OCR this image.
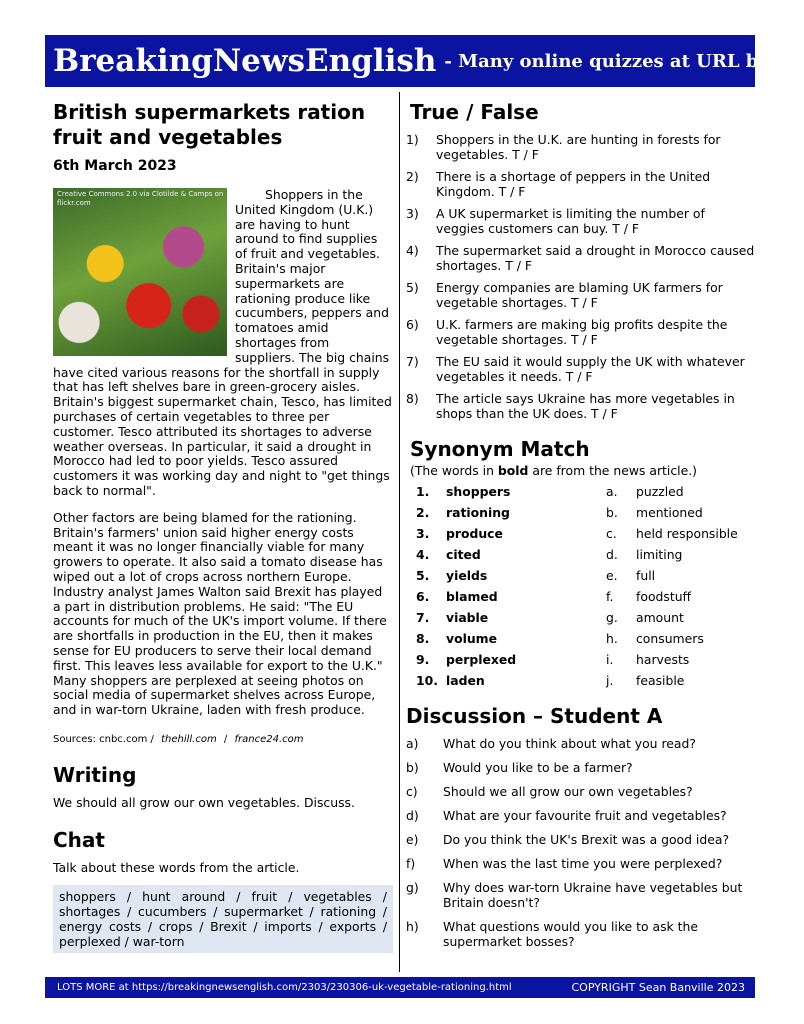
BreakingNewsEnglish - Many online quizzes at URL below
British supermarkets ration fruit and vegetables
6th March 2023
Creative Commons 2.0 via Clotilde & Camps on flickr.com

Shoppers in the United Kingdom (U.K.) are having to hunt around to find supplies of fruit and vegetables. Britain's major supermarkets are rationing produce like cucumbers, peppers and tomatoes amid shortages from suppliers. The big chains have cited various reasons for the shortfall in supply that has left shelves bare in green-grocery aisles. Britain's biggest supermarket chain, Tesco, has limited purchases of certain vegetables to three per customer. Tesco attributed its shortages to adverse weather overseas. In particular, it said a drought in Morocco had led to poor yields. Tesco assured customers it was working day and night to "get things back to normal".

Other factors are being blamed for the rationing. Britain's farmers' union said higher energy costs meant it was no longer financially viable for many growers to operate. It also said a tomato disease has wiped out a lot of crops across northern Europe. Industry analyst James Walton said Brexit has played a part in distribution problems. He said: "The EU accounts for much of the UK's import volume. If there are shortfalls in production in the EU, then it makes sense for EU producers to serve their local demand first. This leaves less available for export to the U.K." Many shoppers are perplexed at seeing photos on social media of supermarket shelves across Europe, and in war-torn Ukraine, laden with fresh produce.

Sources: cnbc.com / thehill.com / france24.com
Writing

We should all grow our own vegetables. Discuss.

Chat

Talk about these words from the article.

shoppers / hunt around / fruit / vegetables / shortages / cucumbers / supermarket / rationing / energy costs / crops / Brexit / imports / exports / perplexed / war-torn
True / False
1)	Shoppers in the U.K. are hunting in forests for vegetables. T / F
2)	There is a shortage of peppers in the United Kingdom. T / F
3)	A UK supermarket is limiting the number of veggies customers can buy. T / F
4)	The supermarket said a drought in Morocco caused shortages. T / F
5)	Energy companies are blaming UK farmers for vegetable shortages. T / F
6)	U.K. farmers are making big profits despite the vegetable shortages. T / F
7)	The EU said it would supply the UK with whatever vegetables it needs. T / F
8)	The article says Ukraine has more vegetables in shops than the UK does. T / F
Synonym Match
(The words in bold are from the news article.)
1.	shoppers	a.	puzzled
2.	rationing	b.	mentioned
3.	produce	c.	held responsible
4.	cited	d.	limiting
5.	yields	e.	full
6.	blamed	f.	foodstuff
7.	viable	g.	amount
8.	volume	h.	consumers
9.	perplexed	i.	harvests
10. laden	j.	feasible
Discussion – Student A
a)	What do you think about what you read?
b)	Would you like to be a farmer?
c)	Should we all grow our own vegetables?
d)	What are your favourite fruit and vegetables?
e)	Do you think the UK's Brexit was a good idea?
f)	When was the last time you were perplexed?
g)	Why does war-torn Ukraine have vegetables but Britain doesn't?
h)	What questions would you like to ask the supermarket bosses?
LOTS MORE at https://breakingnewsenglish.com/2303/230306-uk-vegetable-rationing.html	COPYRIGHT Sean Banville 2023
